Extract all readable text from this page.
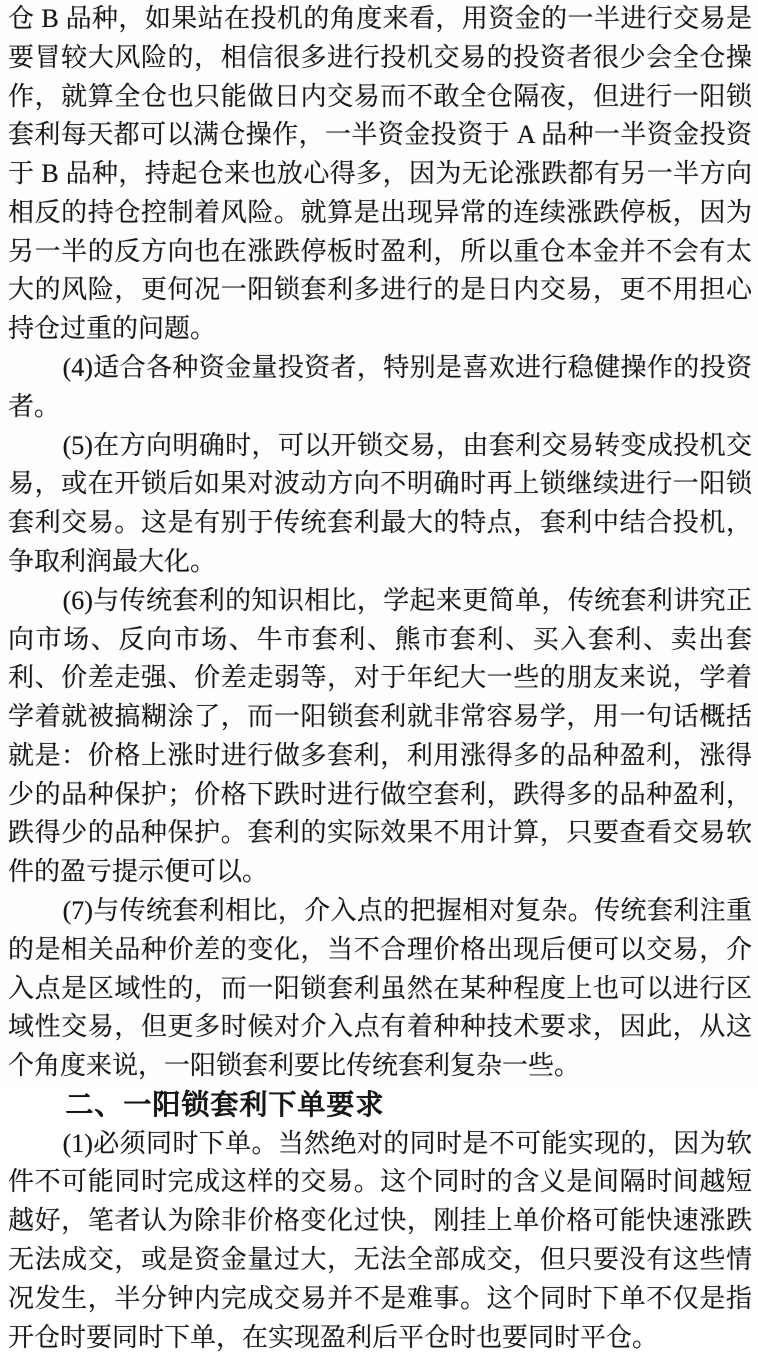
仓 B 品种，如果站在投机的角度来看，用资金的一半进行交易是要冒较大风险的，相信很多进行投机交易的投资者很少会全仓操作，就算全仓也只能做日内交易而不敢全仓隔夜，但进行一阳锁套利每天都可以满仓操作，一半资金投资于 A 品种一半资金投资于 B 品种，持起仓来也放心得多，因为无论涨跌都有另一半方向相反的持仓控制着风险。就算是出现异常的连续涨跌停板，因为另一半的反方向也在涨跌停板时盈利，所以重仓本金并不会有太大的风险，更何况一阳锁套利多进行的是日内交易，更不用担心持仓过重的问题。

(4)适合各种资金量投资者，特别是喜欢进行稳健操作的投资者。

(5)在方向明确时，可以开锁交易，由套利交易转变成投机交易，或在开锁后如果对波动方向不明确时再上锁继续进行一阳锁套利交易。这是有别于传统套利最大的特点，套利中结合投机，争取利润最大化。

(6)与传统套利的知识相比，学起来更简单，传统套利讲究正向市场、反向市场、牛市套利、熊市套利、买入套利、卖出套利、价差走强、价差走弱等，对于年纪大一些的朋友来说，学着学着就被搞糊涂了，而一阳锁套利就非常容易学，用一句话概括就是：价格上涨时进行做多套利，利用涨得多的品种盈利，涨得少的品种保护；价格下跌时进行做空套利，跌得多的品种盈利，跌得少的品种保护。套利的实际效果不用计算，只要查看交易软件的盈亏提示便可以。

(7)与传统套利相比，介入点的把握相对复杂。传统套利注重的是相关品种价差的变化，当不合理价格出现后便可以交易，介入点是区域性的，而一阳锁套利虽然在某种程度上也可以进行区域性交易，但更多时候对介入点有着种种技术要求，因此，从这个角度来说，一阳锁套利要比传统套利复杂一些。

二、一阳锁套利下单要求

(1)必须同时下单。当然绝对的同时是不可能实现的，因为软件不可能同时完成这样的交易。这个同时的含义是间隔时间越短越好，笔者认为除非价格变化过快，刚挂上单价格可能快速涨跌无法成交，或是资金量过大，无法全部成交，但只要没有这些情况发生，半分钟内完成交易并不是难事。这个同时下单不仅是指开仓时要同时下单，在实现盈利后平仓时也要同时平仓。
